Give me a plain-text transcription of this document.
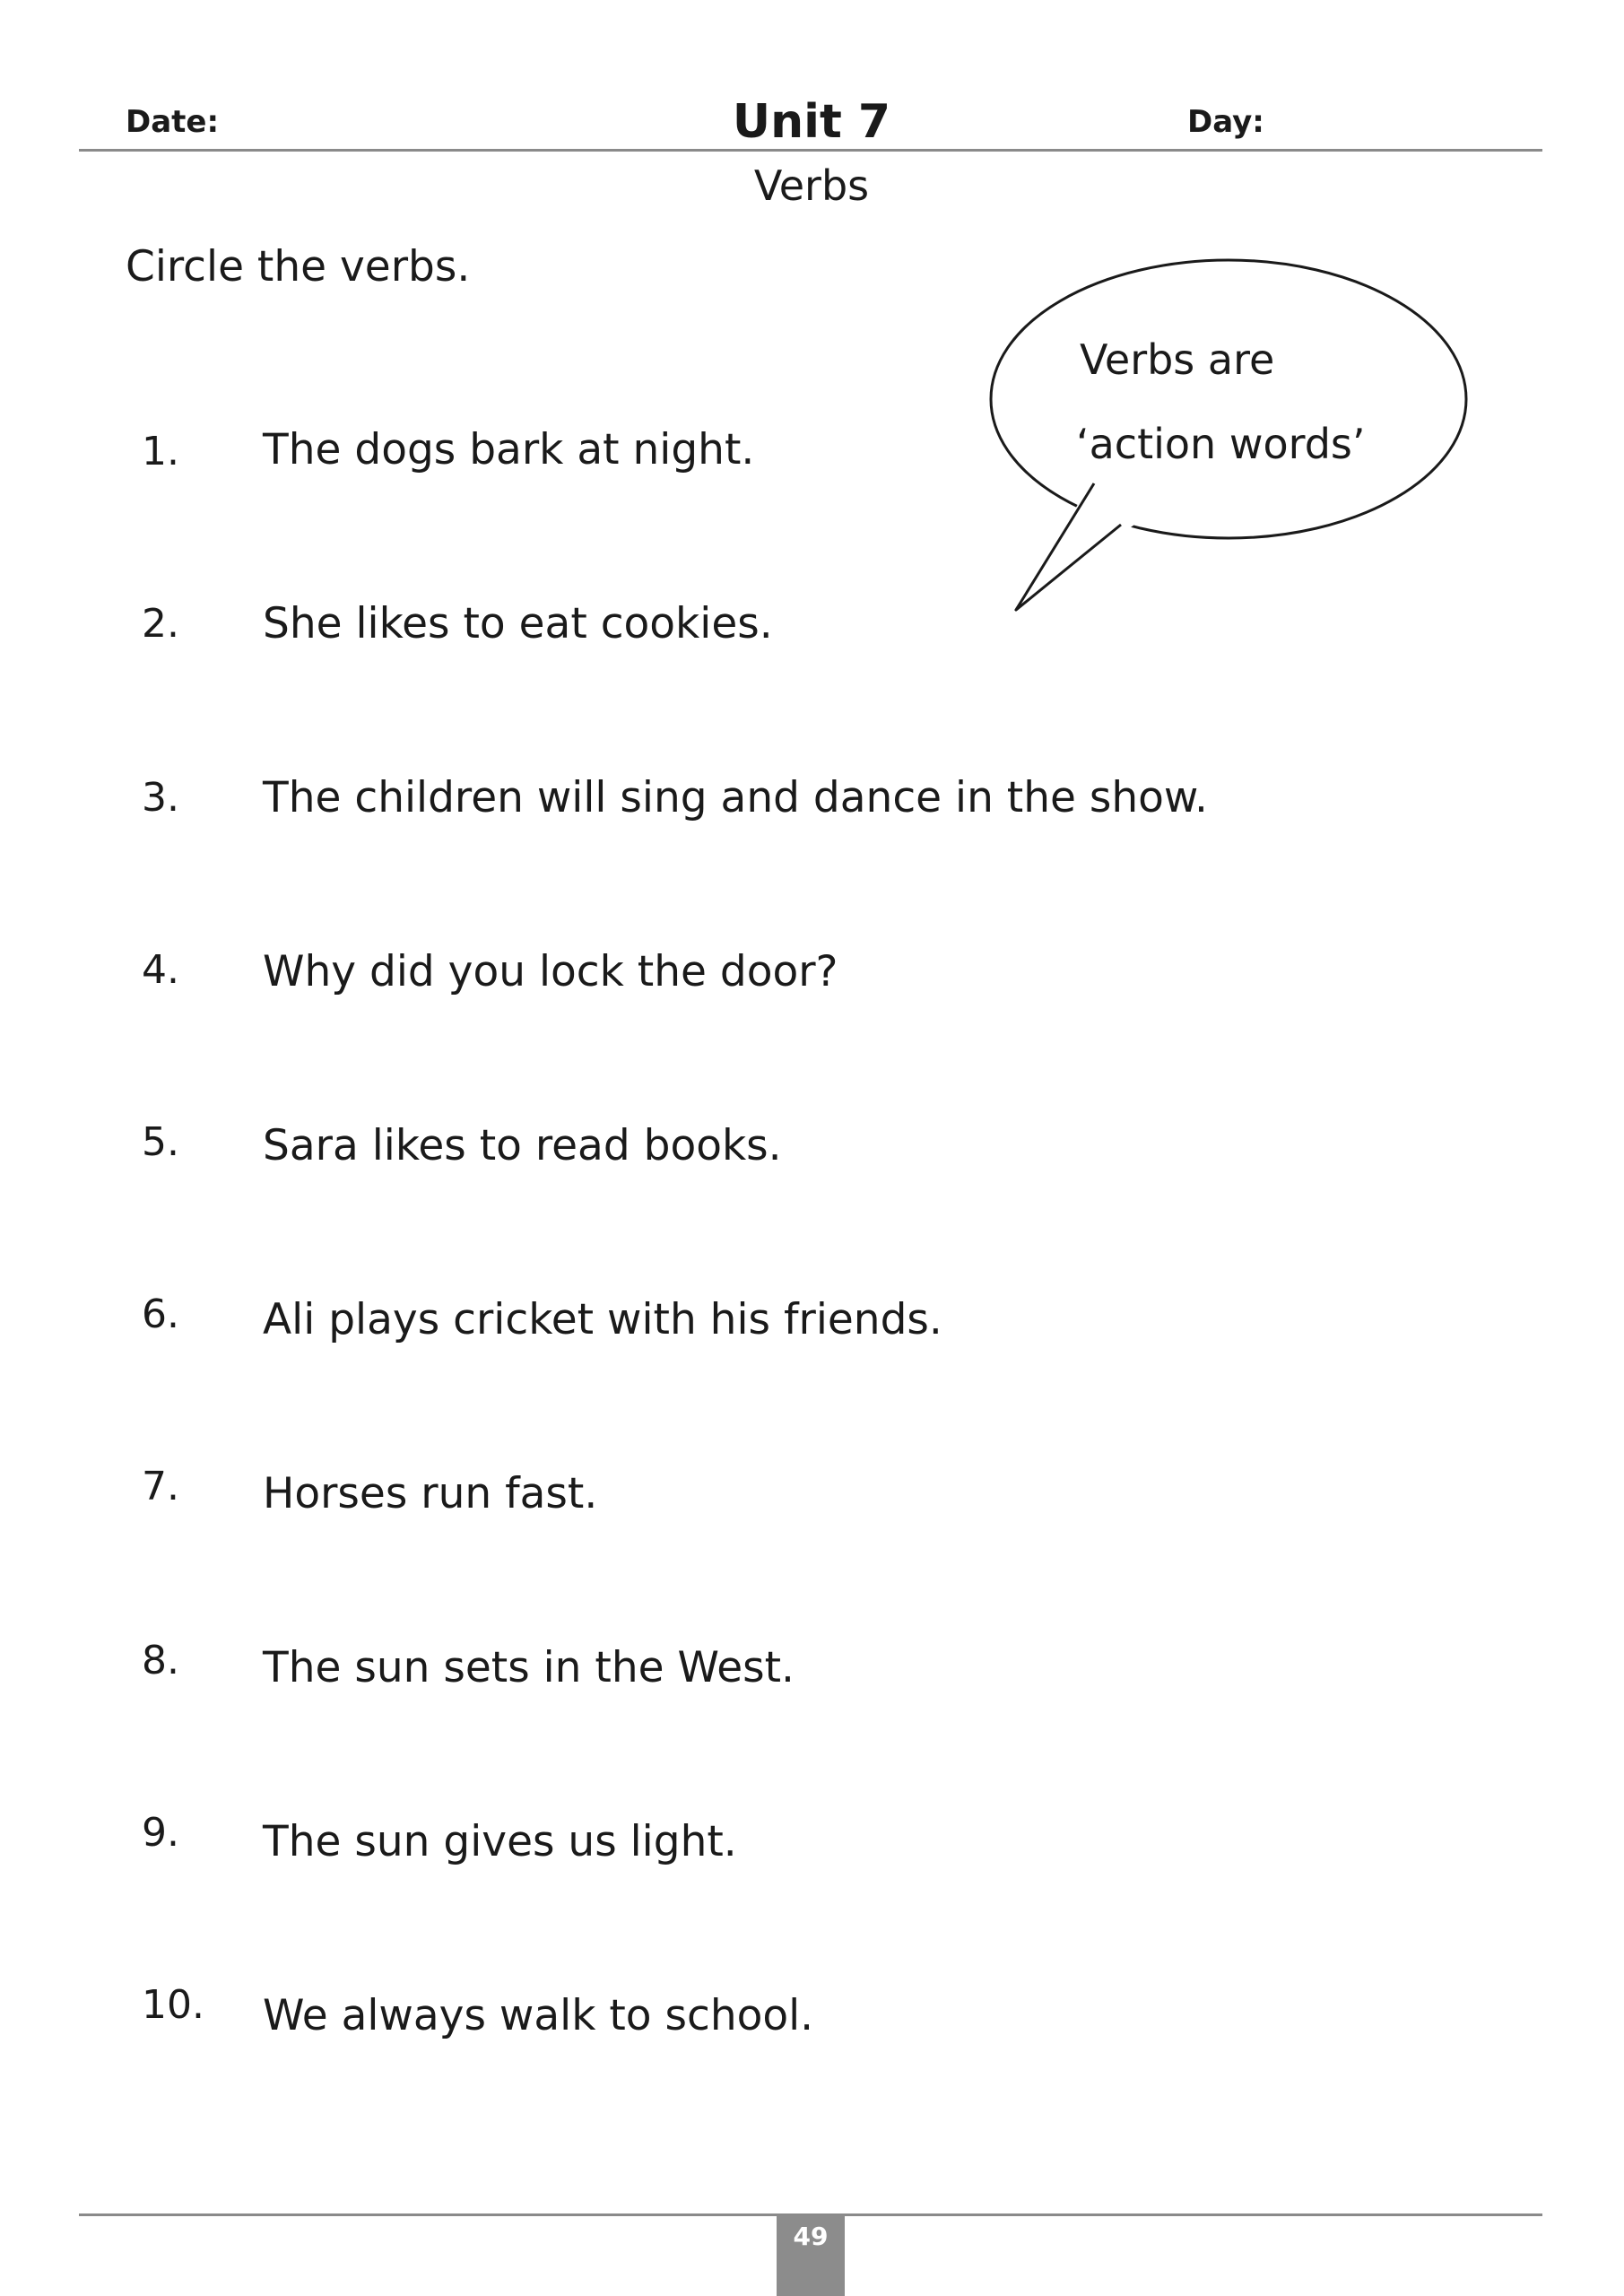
Date:	Unit 7	Day:
Verbs
Circle the verbs.
Verbs are
‘action words’
1. The dogs bark at night.
2. She likes to eat cookies.
3. The children will sing and dance in the show.
4. Why did you lock the door?
5. Sara likes to read books.
6. Ali plays cricket with his friends.
7. Horses run fast.
8. The sun sets in the West.
9. The sun gives us light.
10. We always walk to school.
49
